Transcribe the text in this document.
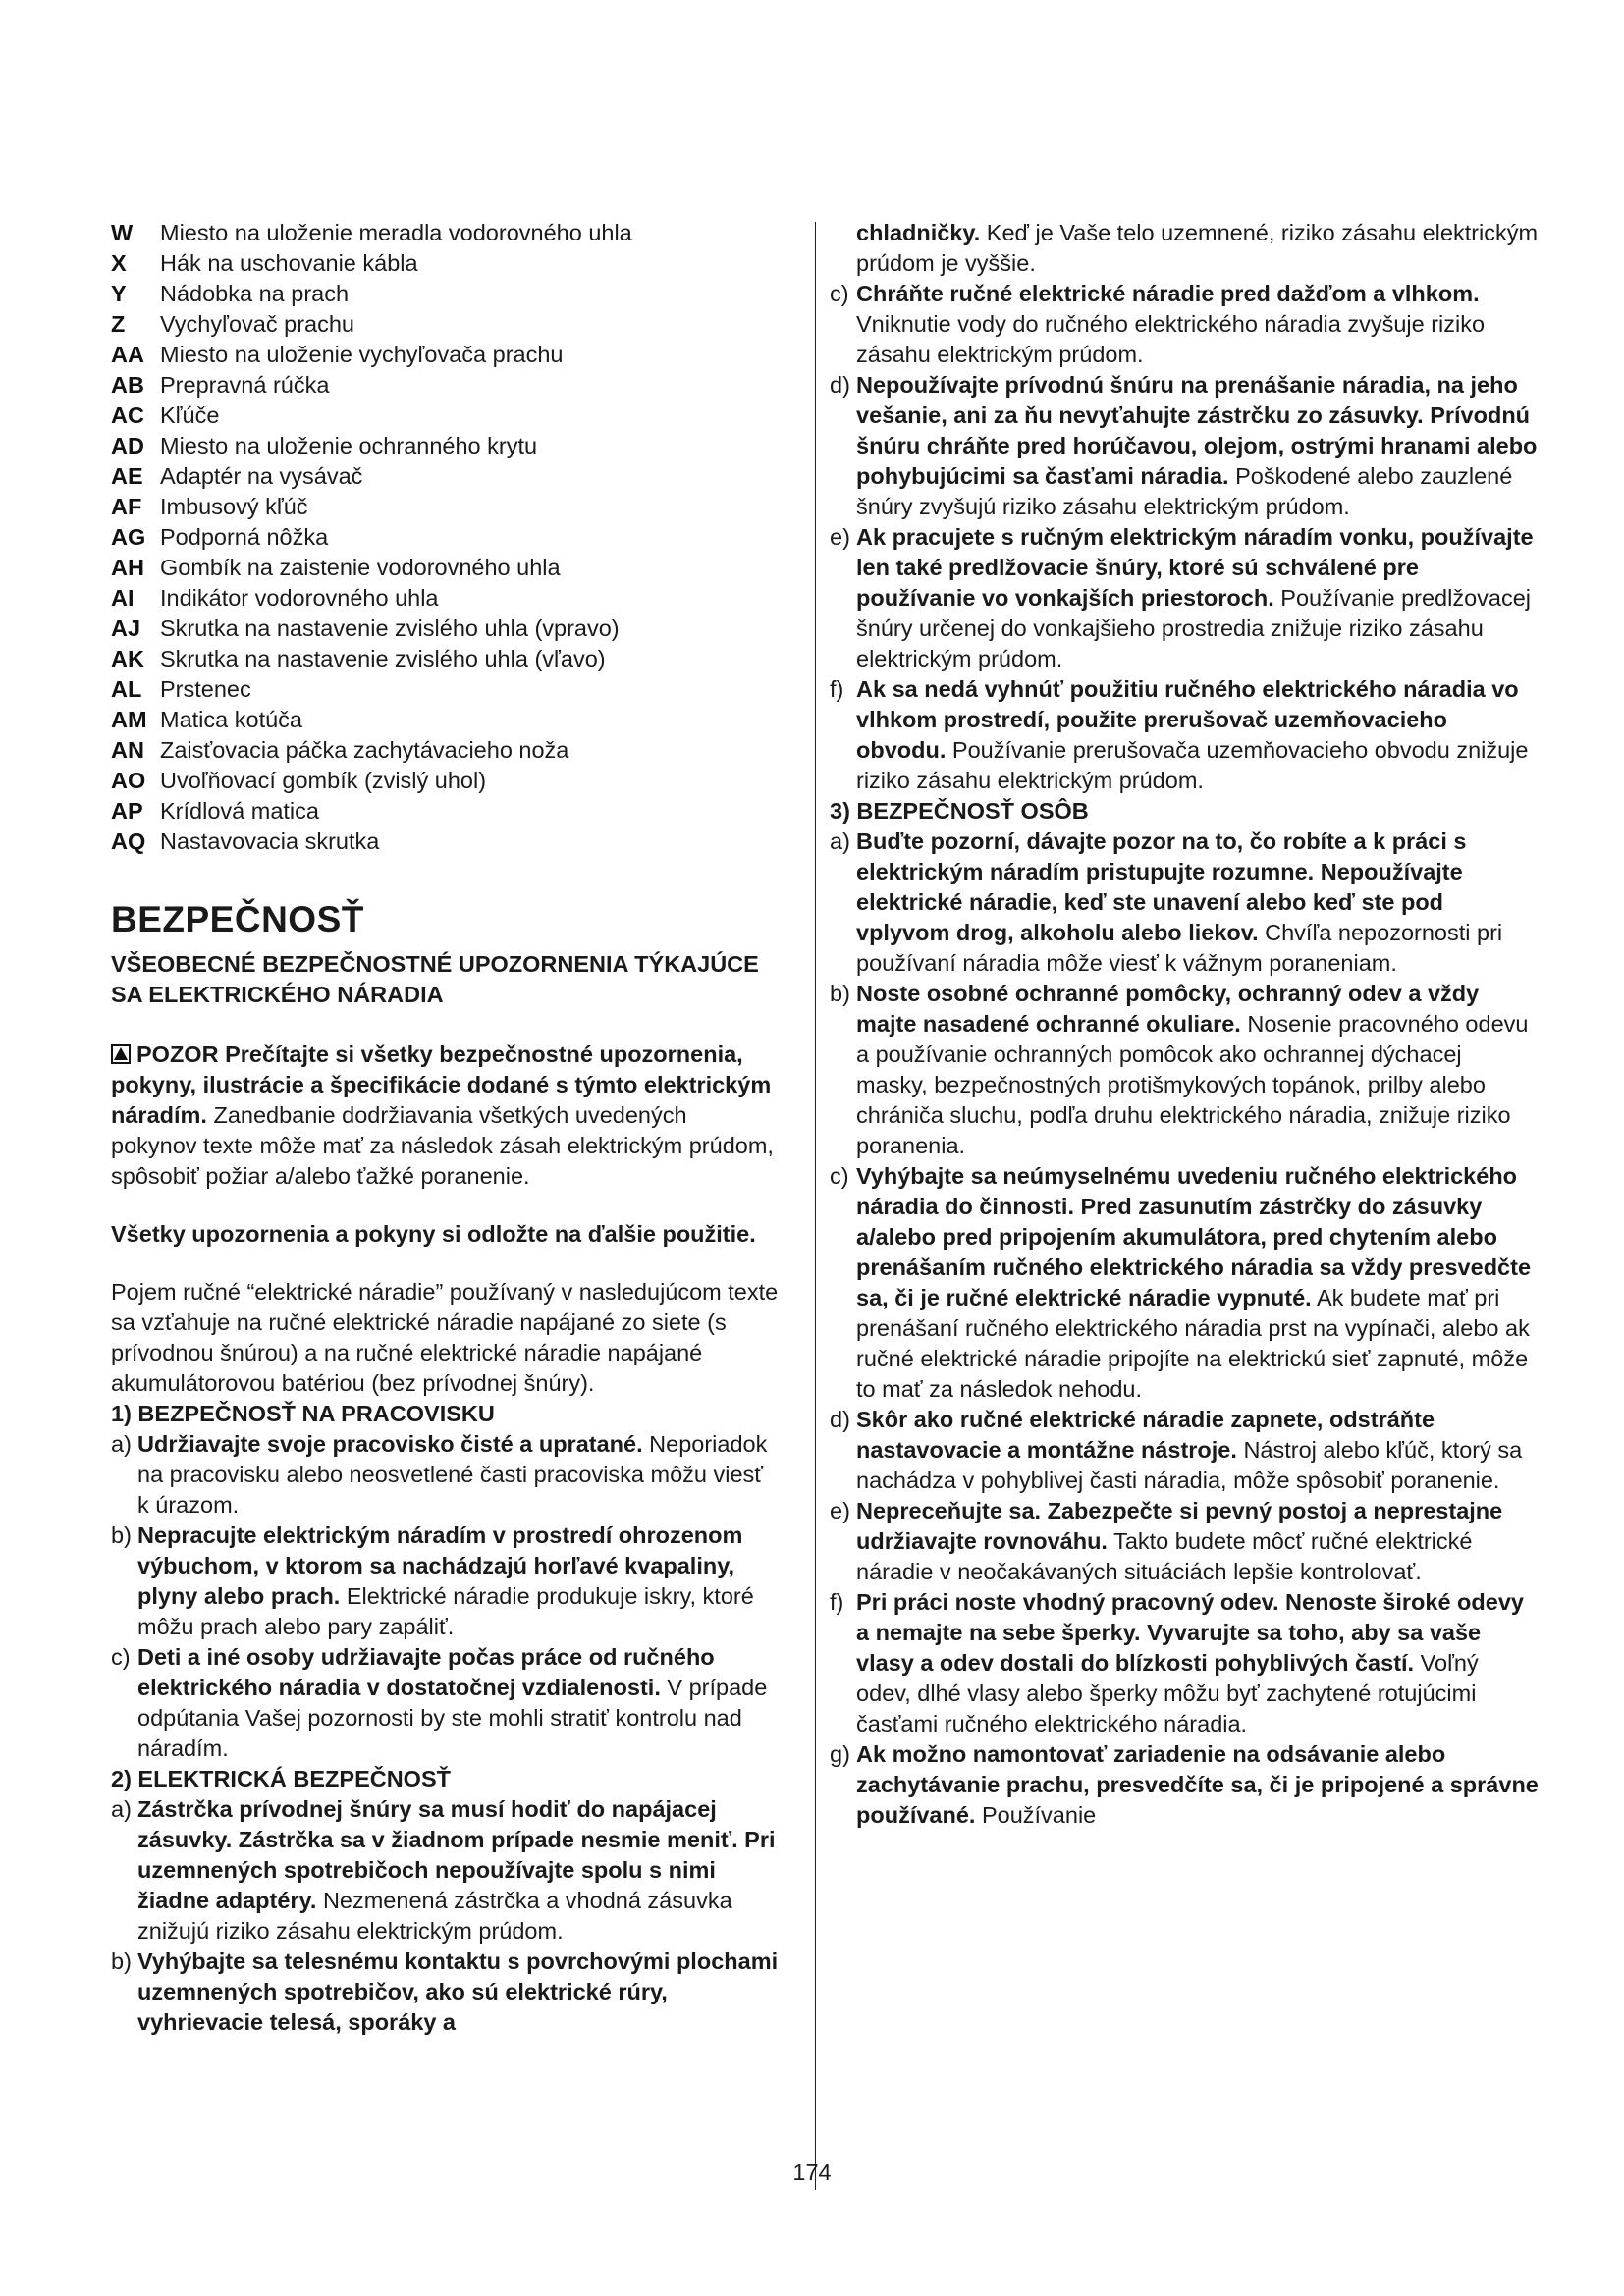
W	Miesto na uloženie meradla vodorovného uhla
X	Hák na uschovanie kábla
Y	Nádobka na prach
Z	Vychyľovač prachu
AA Miesto na uloženie vychyľovača prachu
AB Prepravná rúčka
AC Kľúče
AD Miesto na uloženie ochranného krytu
AE Adaptér na vysávač
AF Imbusový kľúč
AG Podporná nôžka
AH Gombík na zaistenie vodorovného uhla
AI	Indikátor vodorovného uhla
AJ Skrutka na nastavenie zvislého uhla (vpravo)
AK Skrutka na nastavenie zvislého uhla (vľavo)
AL Prstenec
AM Matica kotúča
AN Zaisťovacia páčka zachytávacieho noža
AO Uvoľňovací gombík (zvislý uhol)
AP Krídlová matica
AQ Nastavovacia skrutka
BEZPEČNOSŤ

VŠEOBECNÉ BEZPEČNOSTNÉ UPOZORNENIA TÝKAJÚCE SA ELEKTRICKÉHO NÁRADIA

POZOR Prečítajte si všetky bezpečnostné upozornenia, pokyny, ilustrácie a špecifikácie dodané s týmto elektrickým náradím. Zanedbanie dodržiavania všetkých uvedených pokynov texte môže mať za následok zásah elektrickým prúdom, spôsobiť požiar a/alebo ťažké poranenie.

Všetky upozornenia a pokyny si odložte na ďalšie použitie.

Pojem ručné “elektrické náradie” používaný v nasledujúcom texte sa vzťahuje na ručné elektrické náradie napájané zo siete (s prívodnou šnúrou) a na ručné elektrické náradie napájané akumulátorovou batériou (bez prívodnej šnúry).

1) BEZPEČNOSŤ NA PRACOVISKU

a) Udržiavajte svoje pracovisko čisté a upratané. Neporiadok na pracovisku alebo neosvetlené časti pracoviska môžu viesť k úrazom.
b) Nepracujte elektrickým náradím v prostredí ohrozenom výbuchom, v ktorom sa nachádzajú horľavé kvapaliny, plyny alebo prach. Elektrické náradie produkuje iskry, ktoré môžu prach alebo pary zapáliť.
c) Deti a iné osoby udržiavajte počas práce od ručného elektrického náradia v dostatočnej vzdialenosti. V prípade odpútania Vašej pozornosti by ste mohli stratiť kontrolu nad náradím.

2) ELEKTRICKÁ BEZPEČNOSŤ

a) Zástrčka prívodnej šnúry sa musí hodiť do napájacej zásuvky. Zástrčka sa v žiadnom prípade nesmie meniť. Pri uzemnených spotrebičoch nepoužívajte spolu s nimi žiadne adaptéry. Nezmenená zástrčka a vhodná zásuvka znižujú riziko zásahu elektrickým prúdom.
b) Vyhýbajte sa telesnému kontaktu s povrchovými plochami uzemnených spotrebičov, ako sú elektrické rúry, vyhrievacie telesá, sporáky a

chladničky. Keď je Vaše telo uzemnené, riziko zásahu elektrickým prúdom je vyššie.

c) Chráňte ručné elektrické náradie pred dažďom a vlhkom. Vniknutie vody do ručného elektrického náradia zvyšuje riziko zásahu elektrickým prúdom.
d) Nepoužívajte prívodnú šnúru na prenášanie náradia, na jeho vešanie, ani za ňu nevyťahujte zástrčku zo zásuvky. Prívodnú šnúru chráňte pred horúčavou, olejom, ostrými hranami alebo pohybujúcimi sa časťami náradia. Poškodené alebo zauzlené šnúry zvyšujú riziko zásahu elektrickým prúdom.
e) Ak pracujete s ručným elektrickým náradím vonku, používajte len také predlžovacie šnúry, ktoré sú schválené pre používanie vo vonkajších priestoroch. Používanie predlžovacej šnúry určenej do vonkajšieho prostredia znižuje riziko zásahu elektrickým prúdom.
f) Ak sa nedá vyhnúť použitiu ručného elektrického náradia vo vlhkom prostredí, použite prerušovač uzemňovacieho obvodu. Používanie prerušovača uzemňovacieho obvodu znižuje riziko zásahu elektrickým prúdom.

3) BEZPEČNOSŤ OSÔB

a) Buďte pozorní, dávajte pozor na to, čo robíte a k práci s elektrickým náradím pristupujte rozumne. Nepoužívajte elektrické náradie, keď ste unavení alebo keď ste pod vplyvom drog, alkoholu alebo liekov. Chvíľa nepozornosti pri používaní náradia môže viesť k vážnym poraneniam.
b) Noste osobné ochranné pomôcky, ochranný odev a vždy majte nasadené ochranné okuliare. Nosenie pracovného odevu a používanie ochranných pomôcok ako ochrannej dýchacej masky, bezpečnostných protišmykových topánok, prilby alebo chrániča sluchu, podľa druhu elektrického náradia, znižuje riziko poranenia.
c) Vyhýbajte sa neúmyselnému uvedeniu ručného elektrického náradia do činnosti. Pred zasunutím zástrčky do zásuvky a/alebo pred pripojením akumulátora, pred chytením alebo prenášaním ručného elektrického náradia sa vždy presvedčte sa, či je ručné elektrické náradie vypnuté. Ak budete mať pri prenášaní ručného elektrického náradia prst na vypínači, alebo ak ručné elektrické náradie pripojíte na elektrickú sieť zapnuté, môže to mať za následok nehodu.
d) Skôr ako ručné elektrické náradie zapnete, odstráňte nastavovacie a montážne nástroje. Nástroj alebo kľúč, ktorý sa nachádza v pohyblivej časti náradia, môže spôsobiť poranenie.
e) Nepreceňujte sa. Zabezpečte si pevný postoj a neprestajne udržiavajte rovnováhu. Takto budete môcť ručné elektrické náradie v neočakávaných situáciách lepšie kontrolovať.
f) Pri práci noste vhodný pracovný odev. Nenoste široké odevy a nemajte na sebe šperky. Vyvarujte sa toho, aby sa vaše vlasy a odev dostali do blízkosti pohyblivých častí. Voľný odev, dlhé vlasy alebo šperky môžu byť zachytené rotujúcimi časťami ručného elektrického náradia.
g) Ak možno namontovať zariadenie na odsávanie alebo zachytávanie prachu, presvedčíte sa, či je pripojené a správne používané. Používanie
174
